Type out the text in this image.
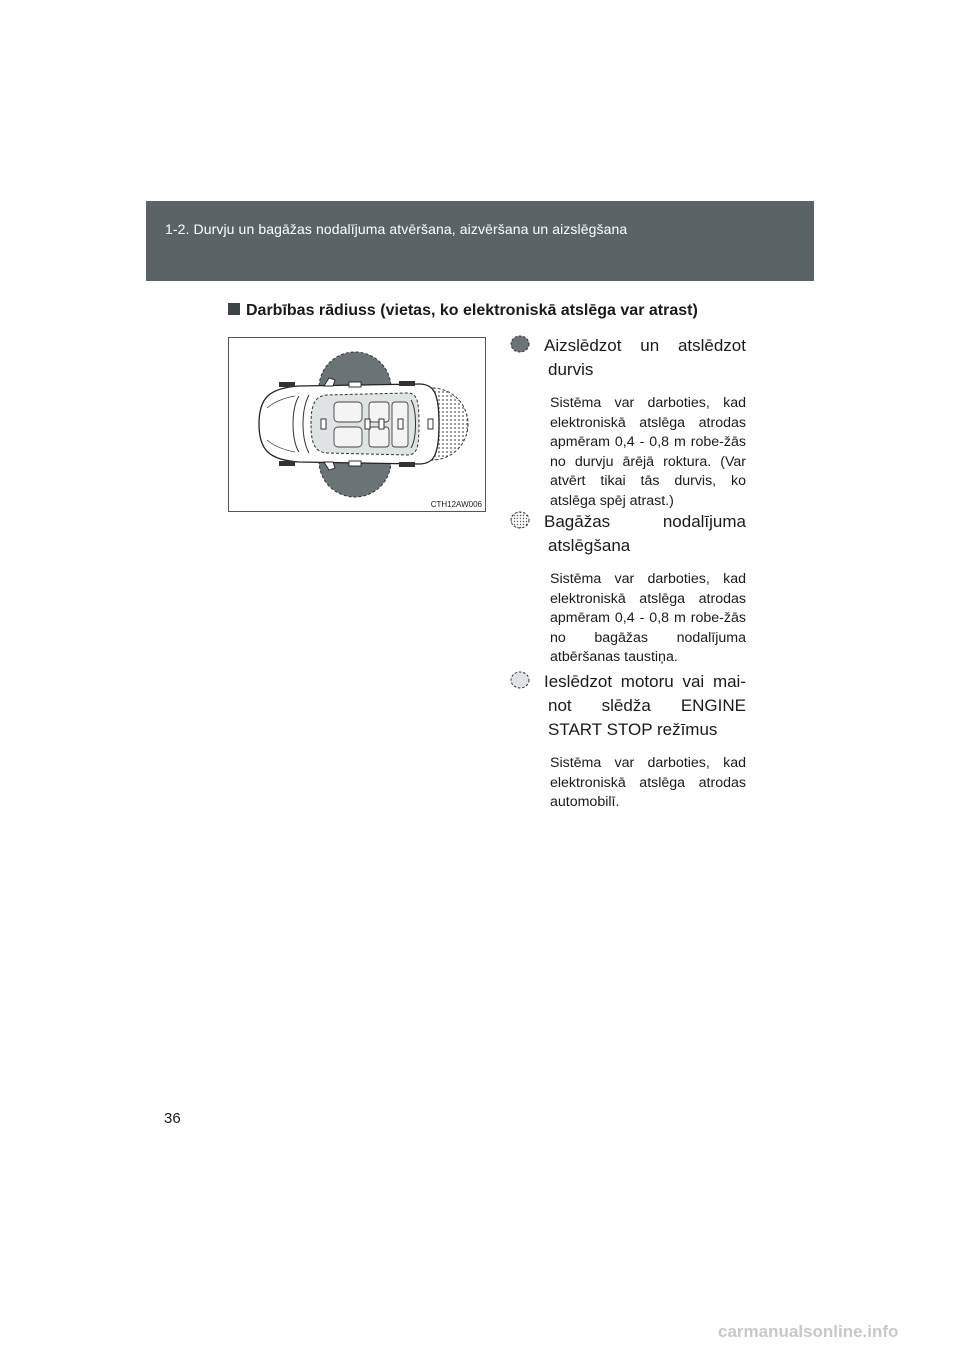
1-2. Durvju un bagāžas nodalījuma atvēršana, aizvēršana un aizslēgšana
Darbības rādiuss (vietas, ko elektroniskā atslēga var atrast)
CTH12AW006
Aizslēdzot un atslēdzot
durvis
Sistēma var darboties, kad elektroniskā atslēga atrodas apmēram 0,4 - 0,8 m robe-žās no durvju ārējā roktura. (Var atvērt tikai tās durvis, ko atslēga spēj atrast.)
Bagāžas nodalījuma
atslēgšana
Sistēma var darboties, kad elektroniskā atslēga atrodas apmēram 0,4 - 0,8 m robe-žās no bagāžas nodalījuma atbēršanas taustiņa.
Ieslēdzot motoru vai mai-
not slēdža ENGINE
START STOP režīmus
Sistēma var darboties, kad elektroniskā atslēga atrodas automobilī.
36
carmanualsonline.info
